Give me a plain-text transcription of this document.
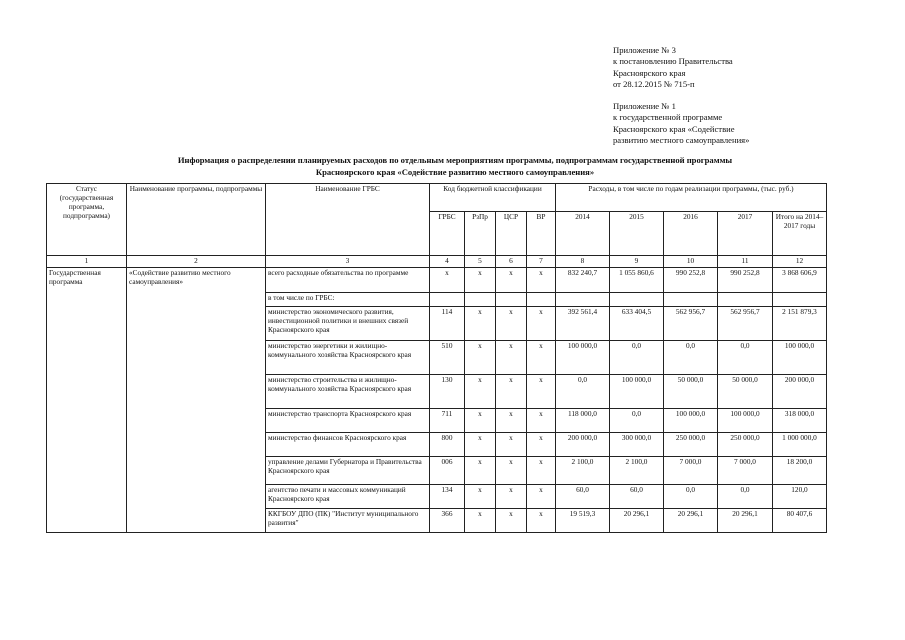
Приложение № 3
к постановлению Правительства
Красноярского края
от 28.12.2015 № 715-п
Приложение № 1
к государственной программе
Красноярского края «Содействие
развитию местного самоуправления»
Информация о распределении планируемых расходов по отдельным мероприятиям программы, подпрограммам государственной программы
Красноярского края «Содействие развитию местного самоуправления»
Статус (государственная программа, подпрограмма)	Наименование программы, подпрограммы	Наименование ГРБС	Код бюджетной классификации				Расходы, в том числе по годам реализации программы, (тыс. руб.)				
			ГРБС	РзПр	ЦСР	ВР	2014	2015	2016	2017	Итого на 2014–2017 годы
1	2	3	4	5	6	7	8	9	10	11	12
Государственная программа	«Содействие развитию местного самоуправления»	всего расходные обязательства по программе	х	х	х	х	832 240,7	1 055 860,6	990 252,8	990 252,8	3 868 606,9
		в том числе по ГРБС:									
		министерство экономического развития, инвестиционной политики и внешних связей Красноярского края	114	х	х	х	392 561,4	633 404,5	562 956,7	562 956,7	2 151 879,3
		министерство энергетики и жилищно-коммунального хозяйства Красноярского края	510	х	х	х	100 000,0	0,0	0,0	0,0	100 000,0
		министерство строительства и жилищно-коммунального хозяйства Красноярского края	130	х	х	х	0,0	100 000,0	50 000,0	50 000,0	200 000,0
		министерство транспорта Красноярского края	711	х	х	х	118 000,0	0,0	100 000,0	100 000,0	318 000,0
		министерство финансов Красноярского края	800	х	х	х	200 000,0	300 000,0	250 000,0	250 000,0	1 000 000,0
		управление делами Губернатора и Правительства Красноярского края	006	х	х	х	2 100,0	2 100,0	7 000,0	7 000,0	18 200,0
		агентство печати и массовых коммуникаций Красноярского края	134	х	х	х	60,0	60,0	0,0	0,0	120,0
		ККГБОУ ДПО (ПК) "Институт муниципального развития"	366	х	х	х	19 519,3	20 296,1	20 296,1	20 296,1	80 407,6
